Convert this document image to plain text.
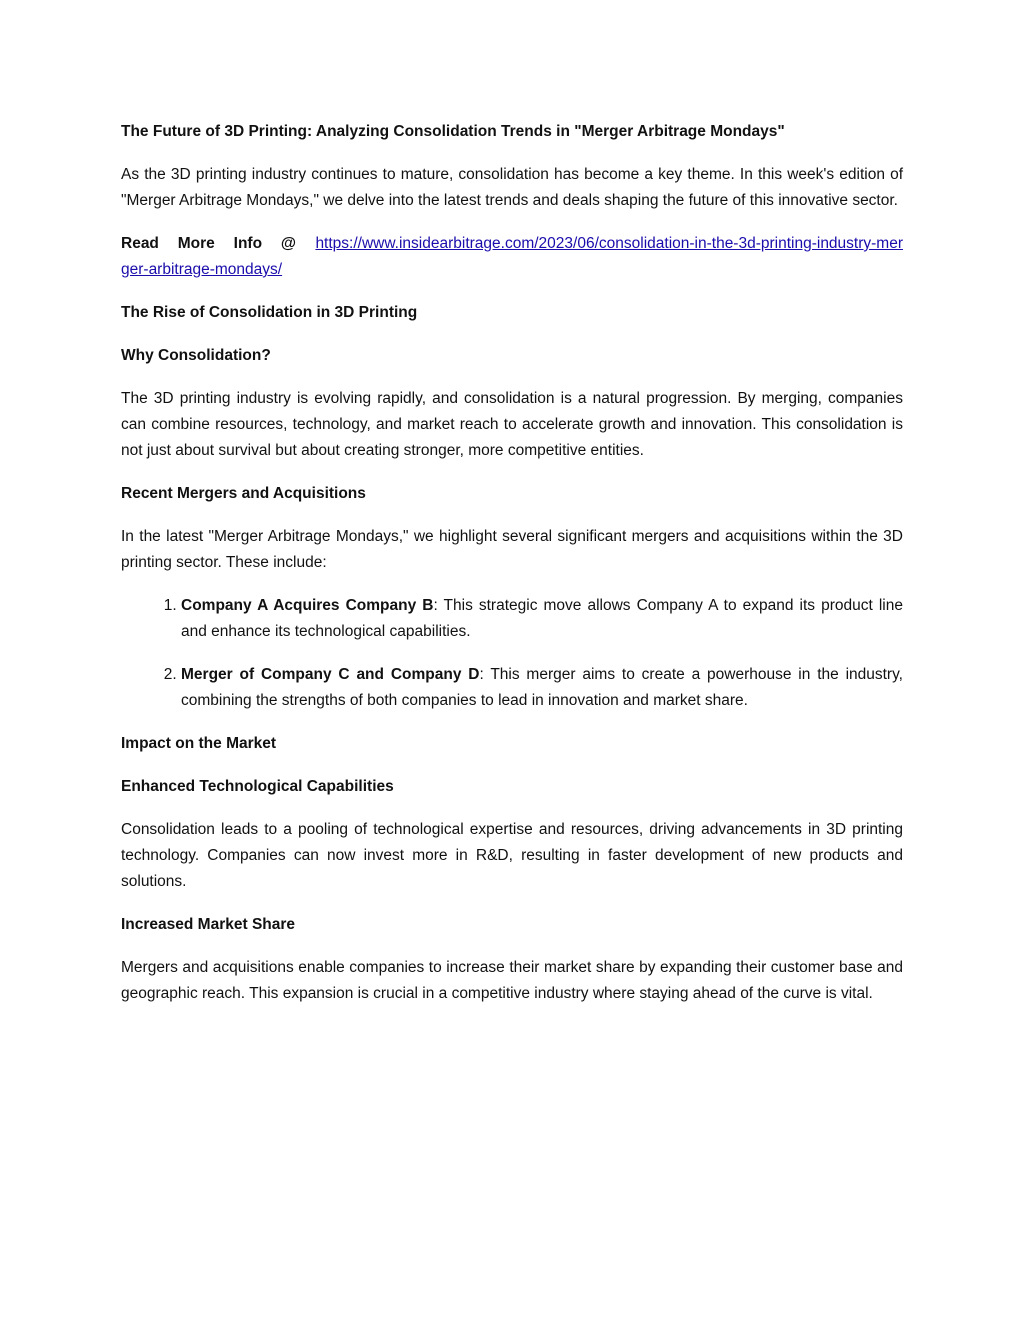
The Future of 3D Printing: Analyzing Consolidation Trends in "Merger Arbitrage Mondays"

As the 3D printing industry continues to mature, consolidation has become a key theme. In this week's edition of "Merger Arbitrage Mondays," we delve into the latest trends and deals shaping the future of this innovative sector.

Read More Info @ https://www.insidearbitrage.com/2023/06/consolidation-in-the-3d-printing-industry-merger-arbitrage-mondays/

The Rise of Consolidation in 3D Printing

Why Consolidation?

The 3D printing industry is evolving rapidly, and consolidation is a natural progression. By merging, companies can combine resources, technology, and market reach to accelerate growth and innovation. This consolidation is not just about survival but about creating stronger, more competitive entities.

Recent Mergers and Acquisitions

In the latest "Merger Arbitrage Mondays," we highlight several significant mergers and acquisitions within the 3D printing sector. These include:

1. Company A Acquires Company B: This strategic move allows Company A to expand its product line and enhance its technological capabilities.
2. Merger of Company C and Company D: This merger aims to create a powerhouse in the industry, combining the strengths of both companies to lead in innovation and market share.

Impact on the Market

Enhanced Technological Capabilities

Consolidation leads to a pooling of technological expertise and resources, driving advancements in 3D printing technology. Companies can now invest more in R&D, resulting in faster development of new products and solutions.

Increased Market Share

Mergers and acquisitions enable companies to increase their market share by expanding their customer base and geographic reach. This expansion is crucial in a competitive industry where staying ahead of the curve is vital.
